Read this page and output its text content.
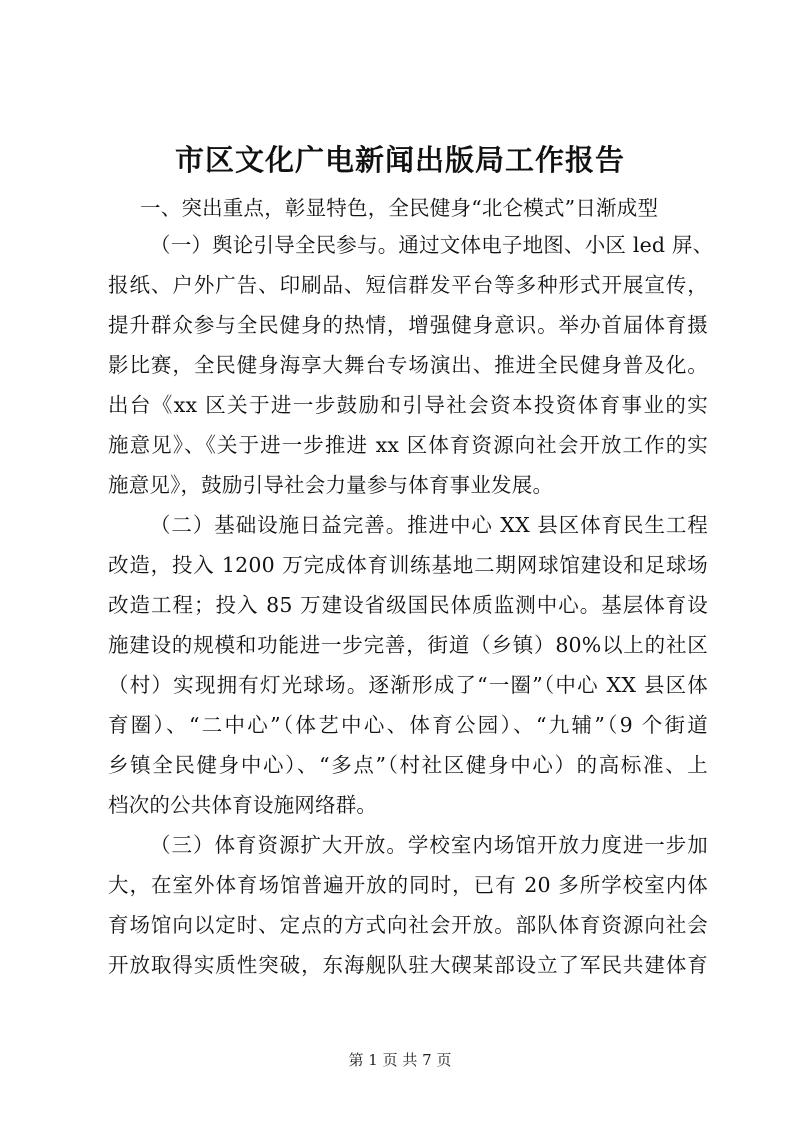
市区文化广电新闻出版局工作报告
一、突出重点，彰显特色，全民健身“北仑模式”日渐成型
（一）舆论引导全民参与。通过文体电子地图、小区 led 屏、
报纸、户外广告、印刷品、短信群发平台等多种形式开展宣传，
提升群众参与全民健身的热情，增强健身意识。举办首届体育摄
影比赛，全民健身海享大舞台专场演出、推进全民健身普及化。
出台《xx 区关于进一步鼓励和引导社会资本投资体育事业的实
施意见》、《关于进一步推进 xx 区体育资源向社会开放工作的实
施意见》，鼓励引导社会力量参与体育事业发展。
（二）基础设施日益完善。推进中心 XX 县区体育民生工程
改造，投入 1200 万完成体育训练基地二期网球馆建设和足球场
改造工程；投入 85 万建设省级国民体质监测中心。基层体育设
施建设的规模和功能进一步完善，街道（乡镇）80%以上的社区
（村）实现拥有灯光球场。逐渐形成了“一圈”（中心 XX 县区体
育圈）、“二中心”（体艺中心、体育公园）、“九辅”（9 个街道
乡镇全民健身中心）、“多点”（村社区健身中心）的高标准、上
档次的公共体育设施网络群。
（三）体育资源扩大开放。学校室内场馆开放力度进一步加
大，在室外体育场馆普遍开放的同时，已有 20 多所学校室内体
育场馆向以定时、定点的方式向社会开放。部队体育资源向社会
开放取得实质性突破，东海舰队驻大碶某部设立了军民共建体育
第 1 页 共 7 页
